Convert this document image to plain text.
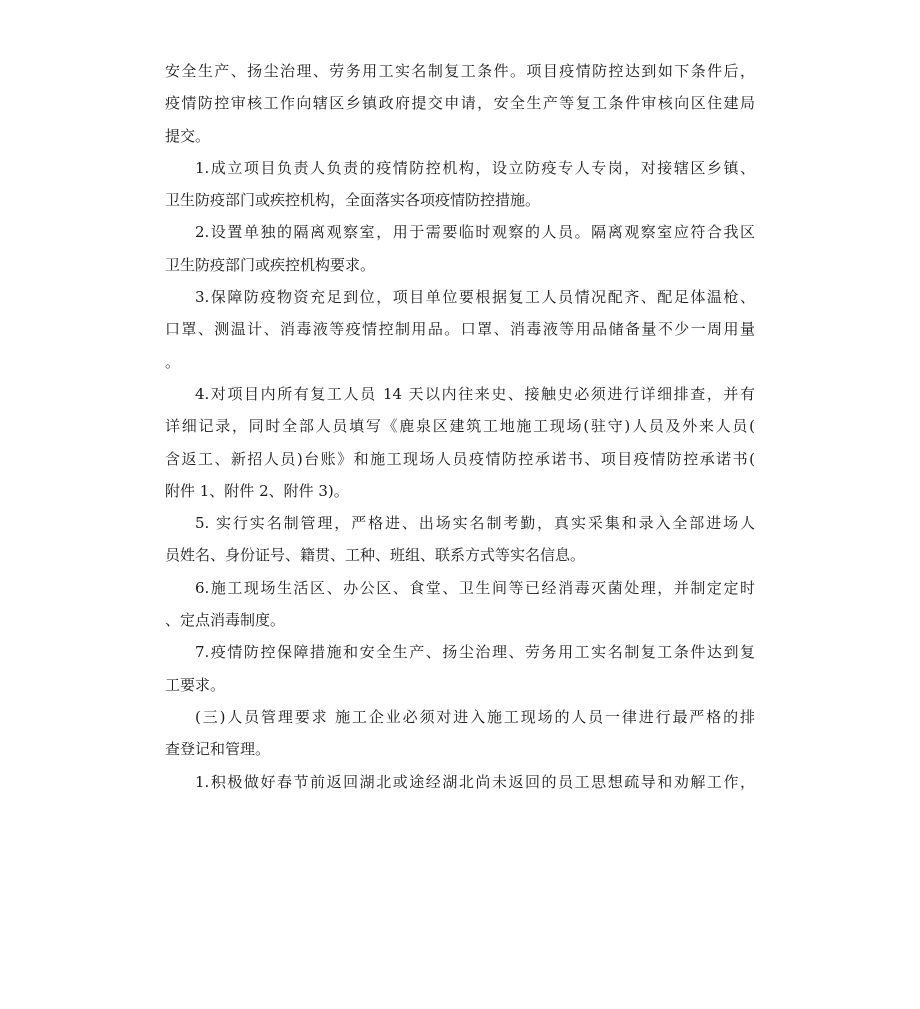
安全生产、扬尘治理、劳务用工实名制复工条件。项目疫情防控达到如下条件后，
疫情防控审核工作向辖区乡镇政府提交申请，安全生产等复工条件审核向区住建局
提交。
1.成立项目负责人负责的疫情防控机构，设立防疫专人专岗，对接辖区乡镇、
卫生防疫部门或疾控机构，全面落实各项疫情防控措施。
2.设置单独的隔离观察室，用于需要临时观察的人员。隔离观察室应符合我区
卫生防疫部门或疾控机构要求。
3.保障防疫物资充足到位，项目单位要根据复工人员情况配齐、配足体温枪、
口罩、测温计、消毒液等疫情控制用品。口罩、消毒液等用品储备量不少一周用量
。
4.对项目内所有复工人员 14 天以内往来史、接触史必须进行详细排查，并有
详细记录，同时全部人员填写《鹿泉区建筑工地施工现场(驻守)人员及外来人员(
含返工、新招人员)台账》和施工现场人员疫情防控承诺书、项目疫情防控承诺书(
附件 1、附件 2、附件 3)。
5. 实行实名制管理，严格进、出场实名制考勤，真实采集和录入全部进场人
员姓名、身份证号、籍贯、工种、班组、联系方式等实名信息。
6.施工现场生活区、办公区、食堂、卫生间等已经消毒灭菌处理，并制定定时
、定点消毒制度。
7.疫情防控保障措施和安全生产、扬尘治理、劳务用工实名制复工条件达到复
工要求。
(三)人员管理要求 施工企业必须对进入施工现场的人员一律进行最严格的排
查登记和管理。
1.积极做好春节前返回湖北或途经湖北尚未返回的员工思想疏导和劝解工作，
